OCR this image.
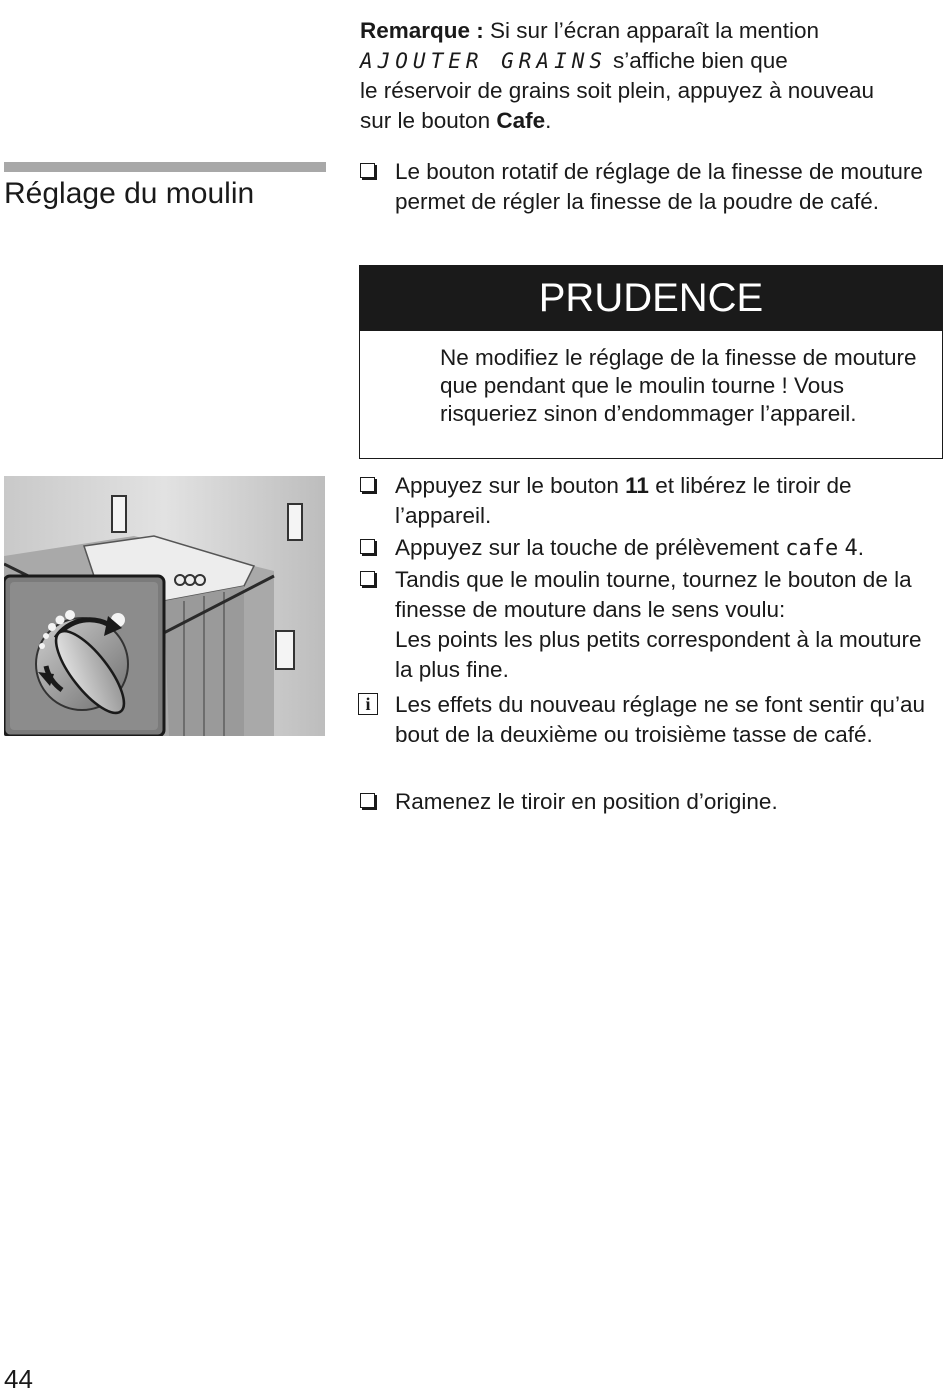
Remarque : Si sur l’écran apparaît la mention
AJOUTER GRAINS s’affiche bien que
le réservoir de grains soit plein, appuyez à nouveau
sur le bouton Cafe.
Réglage du moulin
Le bouton rotatif de réglage de la finesse de mouture permet de régler la finesse de la poudre de café.
PRUDENCE
Ne modifiez le réglage de la finesse de mouture que pendant que le moulin tourne ! Vous risqueriez sinon d’endommager l’appareil.
Appuyez sur le bouton 11 et libérez le tiroir de l’appareil.
Appuyez sur la touche de prélèvement cafe 4.
Tandis que le moulin tourne, tournez le bouton de la finesse de mouture dans le sens voulu:
Les points les plus petits correspondent à la mouture la plus fine.
i	Les effets du nouveau réglage ne se font sentir qu’au bout de la deuxième ou troisième tasse de café.
Ramenez le tiroir en position d’origine.
44
